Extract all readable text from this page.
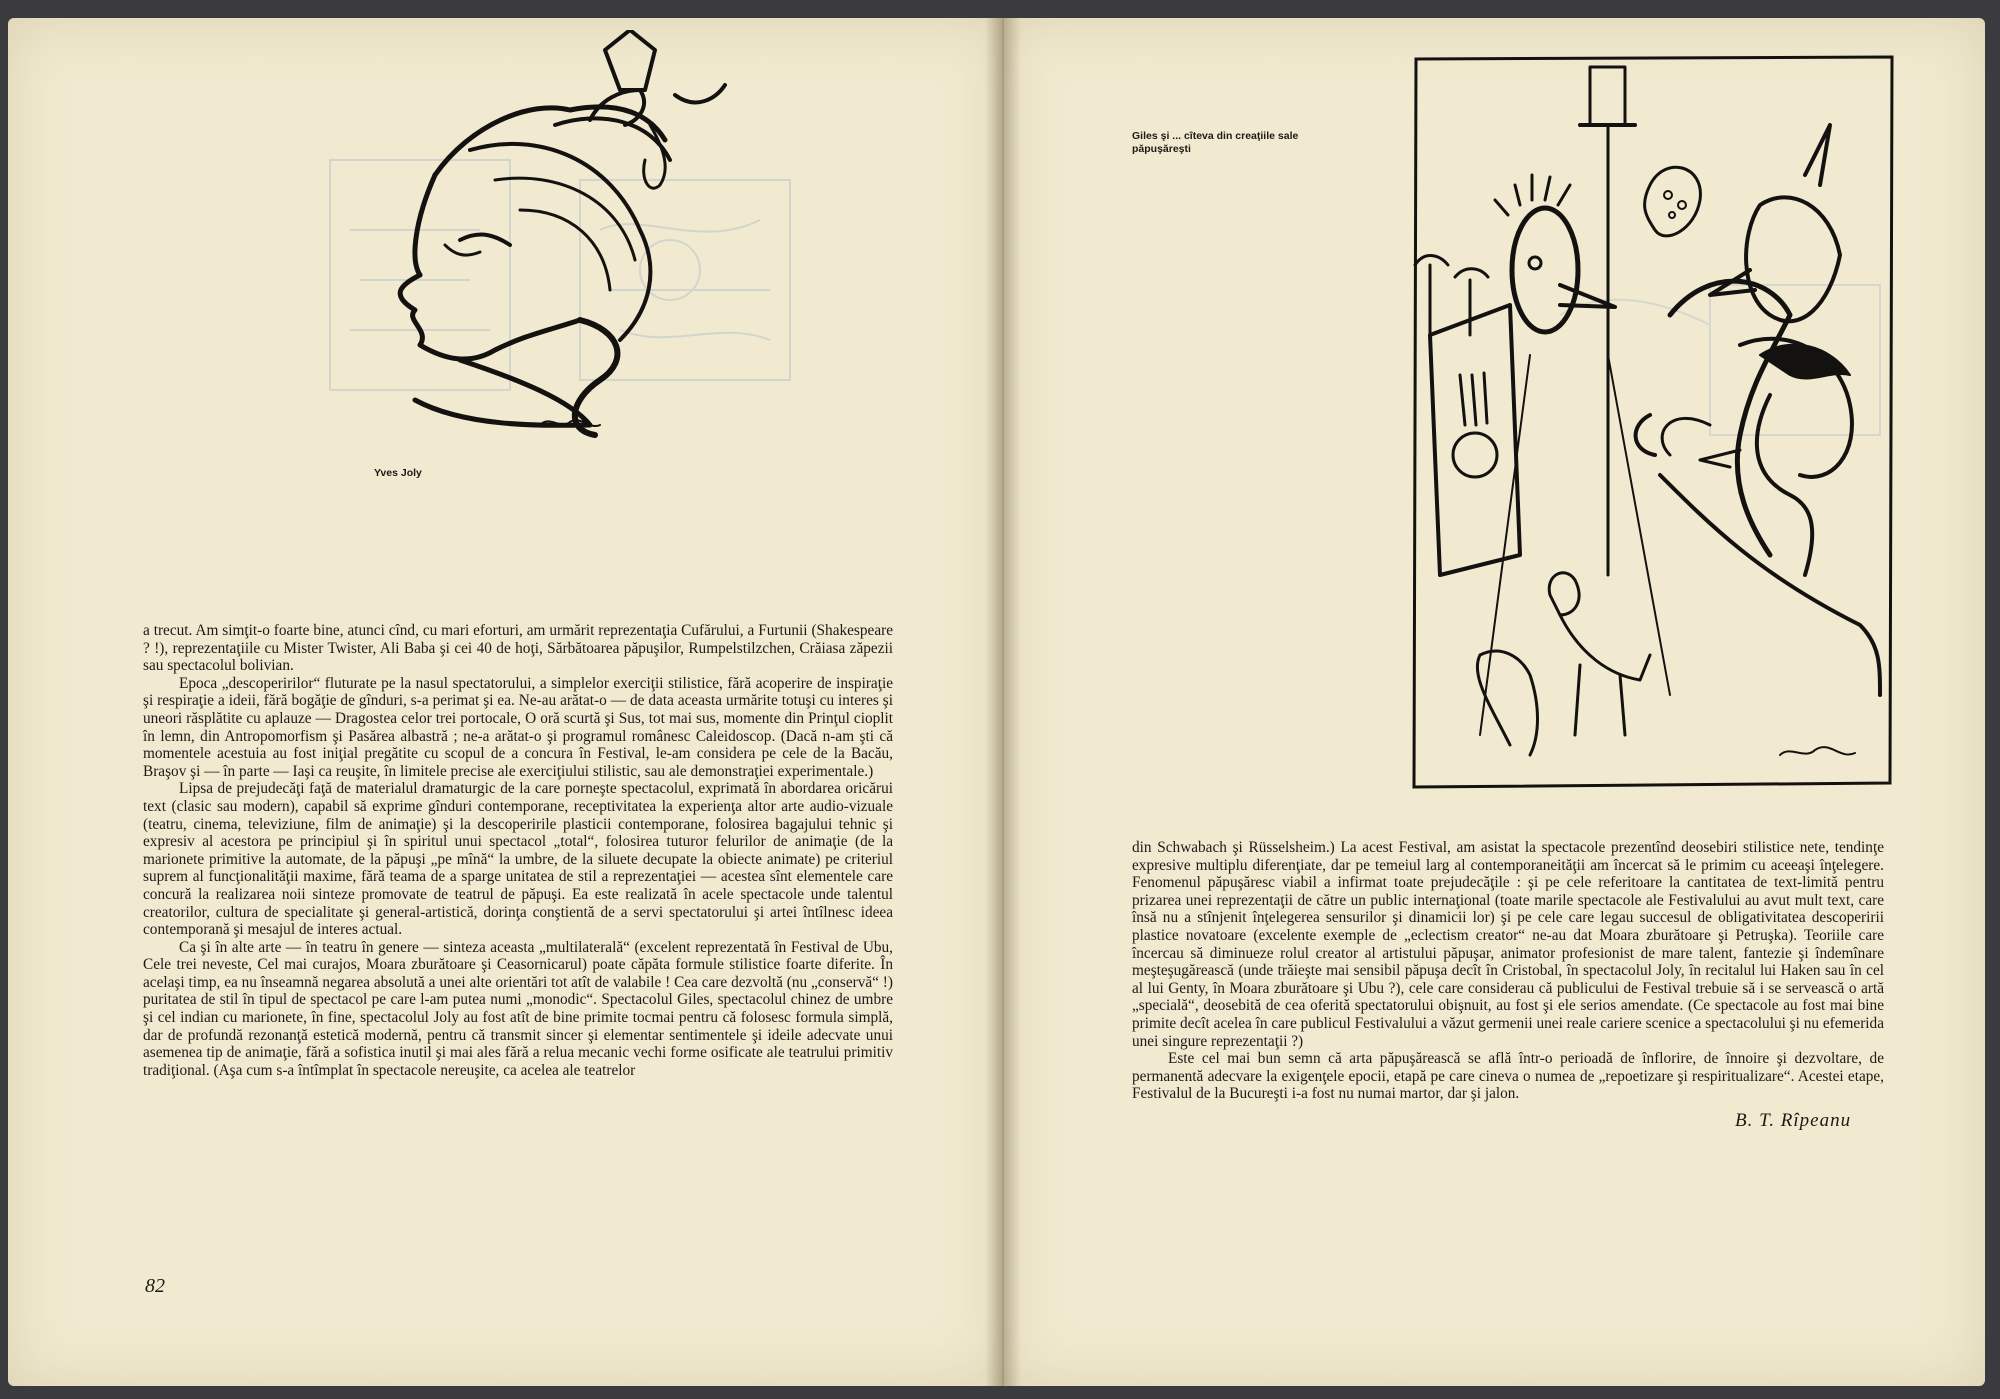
Yves Joly

a trecut. Am simţit-o foarte bine, atunci cînd, cu mari eforturi, am urmărit reprezentaţia Cufărului, a Furtunii (Shakespeare ? !), reprezentaţiile cu Mister Twister, Ali Baba şi cei 40 de hoţi, Sărbătoarea păpuşilor, Rumpelstilzchen, Crăiasa zăpezii sau spectacolul bolivian.

Epoca „descoperirilor“ fluturate pe la nasul spectatorului, a simplelor exerciţii stilistice, fără acoperire de inspiraţie şi respiraţie a ideii, fără bogăţie de gînduri, s-a perimat şi ea. Ne-au arătat-o — de data aceasta urmărite totuşi cu interes şi uneori răsplătite cu aplauze — Dragostea celor trei portocale, O oră scurtă şi Sus, tot mai sus, momente din Prinţul cioplit în lemn, din Antropomorfism şi Pasărea albastră ; ne-a arătat-o şi programul românesc Caleidoscop. (Dacă n-am şti că momentele acestuia au fost iniţial pregătite cu scopul de a concura în Festival, le-am considera pe cele de la Bacău, Braşov şi — în parte — Iaşi ca reuşite, în limitele precise ale exerciţiului stilistic, sau ale demonstraţiei experimentale.)

Lipsa de prejudecăţi faţă de materialul dramaturgic de la care porneşte spectacolul, exprimată în abordarea oricărui text (clasic sau modern), capabil să exprime gînduri contemporane, receptivitatea la experienţa altor arte audio-vizuale (teatru, cinema, televiziune, film de animaţie) şi la descoperirile plasticii contemporane, folosirea bagajului tehnic şi expresiv al acestora pe principiul şi în spiritul unui spectacol „total“, folosirea tuturor felurilor de animaţie (de la marionete primitive la automate, de la păpuşi „pe mînă“ la umbre, de la siluete decupate la obiecte animate) pe criteriul suprem al funcţionalităţii maxime, fără teama de a sparge unitatea de stil a reprezentaţiei — acestea sînt elementele care concură la realizarea noii sinteze promovate de teatrul de păpuşi. Ea este realizată în acele spectacole unde talentul creatorilor, cultura de specialitate şi general-artistică, dorinţa conştientă de a servi spectatorului şi artei întîlnesc ideea contemporană şi mesajul de interes actual.

Ca şi în alte arte — în teatru în genere — sinteza aceasta „multilaterală“ (excelent reprezentată în Festival de Ubu, Cele trei neveste, Cel mai curajos, Moara zburătoare şi Ceasornicarul) poate căpăta formule stilistice foarte diferite. În acelaşi timp, ea nu înseamnă negarea absolută a unei alte orientări tot atît de valabile ! Cea care dezvoltă (nu „conservă“ !) puritatea de stil în tipul de spectacol pe care l-am putea numi „monodic“. Spectacolul Giles, spectacolul chinez de umbre şi cel indian cu marionete, în fine, spectacolul Joly au fost atît de bine primite tocmai pentru că folosesc formula simplă, dar de profundă rezonanţă estetică modernă, pentru că transmit sincer şi elementar sentimentele şi ideile adecvate unui asemenea tip de animaţie, fără a sofistica inutil şi mai ales fără a relua mecanic vechi forme osificate ale teatrului primitiv tradiţional. (Aşa cum s-a întîmplat în spectacole nereuşite, ca acelea ale teatrelor

82
Giles şi ... cîteva din creaţiile sale păpuşăreşti

din Schwabach şi Rüsselsheim.) La acest Festival, am asistat la spectacole prezentînd deosebiri stilistice nete, tendinţe expresive multiplu diferenţiate, dar pe temeiul larg al contemporaneităţii am încercat să le primim cu aceeaşi înţelegere. Fenomenul păpuşăresc viabil a infirmat toate prejudecăţile : şi pe cele referitoare la cantitatea de text-limită pentru prizarea unei reprezentaţii de către un public internaţional (toate marile spectacole ale Festivalului au avut mult text, care însă nu a stînjenit înţelegerea sensurilor şi dinamicii lor) şi pe cele care legau succesul de obligativitatea descoperirii plastice novatoare (excelente exemple de „eclectism creator“ ne-au dat Moara zburătoare şi Petruşka). Teoriile care încercau să diminueze rolul creator al artistului păpuşar, animator profesionist de mare talent, fantezie şi îndemînare meşteşugărească (unde trăieşte mai sensibil păpuşa decît în Cristobal, în spectacolul Joly, în recitalul lui Haken sau în cel al lui Genty, în Moara zburătoare şi Ubu ?), cele care considerau că publicului de Festival trebuie să i se servească o artă „specială“, deosebită de cea oferită spectatorului obişnuit, au fost şi ele serios amendate. (Ce spectacole au fost mai bine primite decît acelea în care publicul Festivalului a văzut germenii unei reale cariere scenice a spectacolului şi nu efemerida unei singure reprezentaţii ?)

Este cel mai bun semn că arta păpuşărească se află într-o perioadă de înflorire, de înnoire şi dezvoltare, de permanentă adecvare la exigenţele epocii, etapă pe care cineva o numea de „repoetizare şi respiritualizare“. Acestei etape, Festivalul de la Bucureşti i-a fost nu numai martor, dar şi jalon.

B. T. Rîpeanu
